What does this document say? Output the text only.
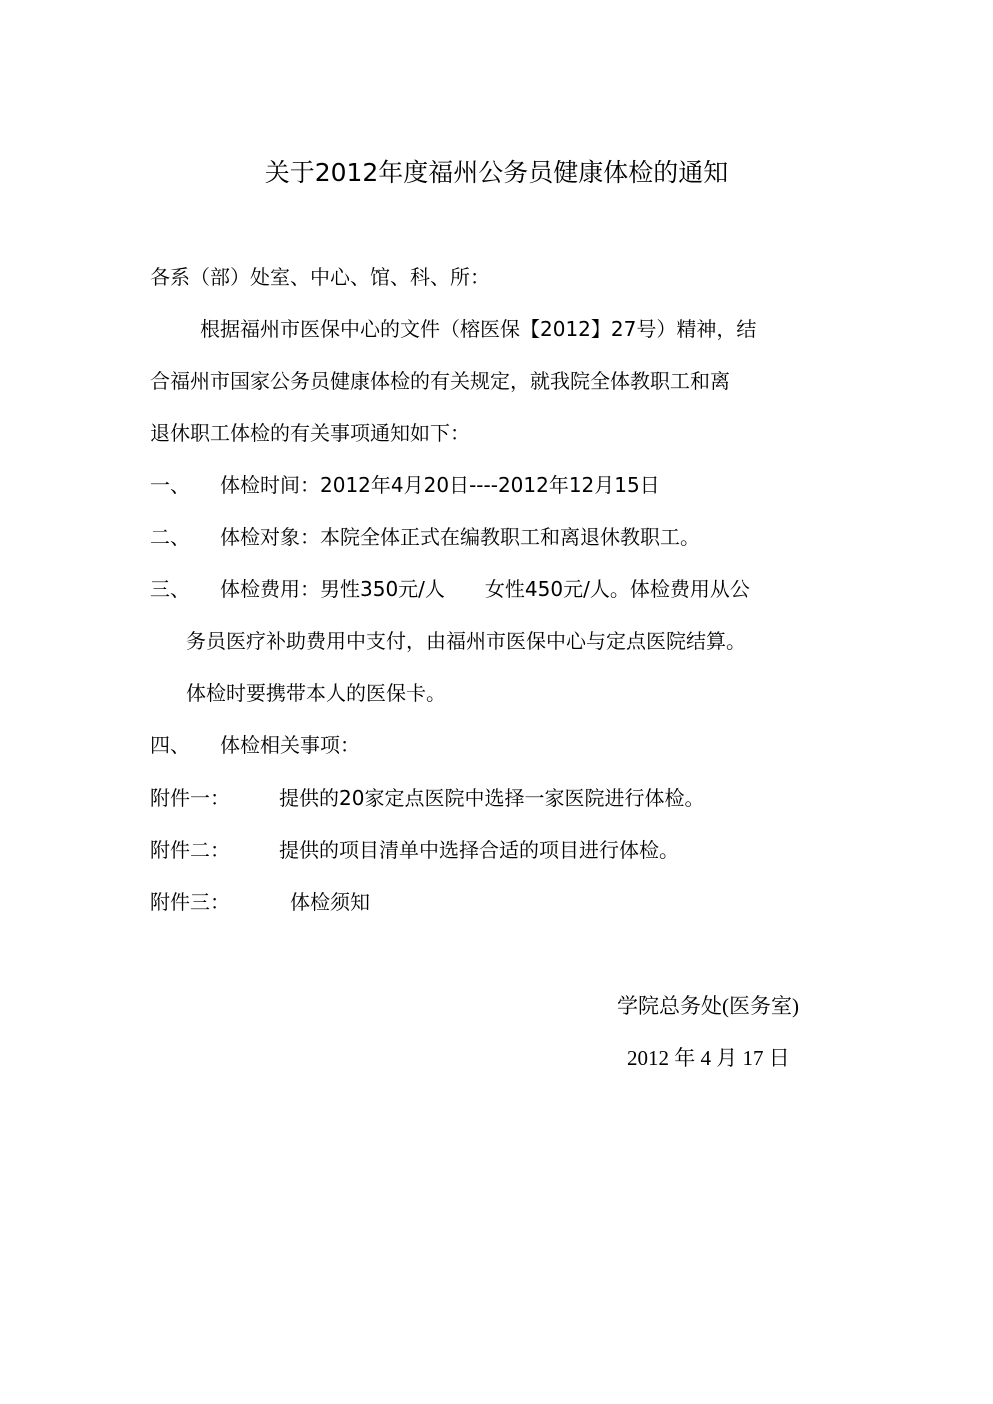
关于2012年度福州公务员健康体检的通知
各系（部）处室、中心、馆、科、所：
根据福州市医保中心的文件（榕医保【2012】27号）精神，结
合福州市国家公务员健康体检的有关规定，就我院全体教职工和离
退休职工体检的有关事项通知如下：
一、 体检时间：2012年4月20日----2012年12月15日
二、 体检对象：本院全体正式在编教职工和离退休教职工。
三、 体检费用：男性350元/人　　女性450元/人。体检费用从公
务员医疗补助费用中支付，由福州市医保中心与定点医院结算。
体检时要携带本人的医保卡。
四、 体检相关事项：
附件一： 提供的20家定点医院中选择一家医院进行体检。
附件二： 提供的项目清单中选择合适的项目进行体检。
附件三：	体检须知
学院总务处(医务室)
2012 年 4 月 17 日
